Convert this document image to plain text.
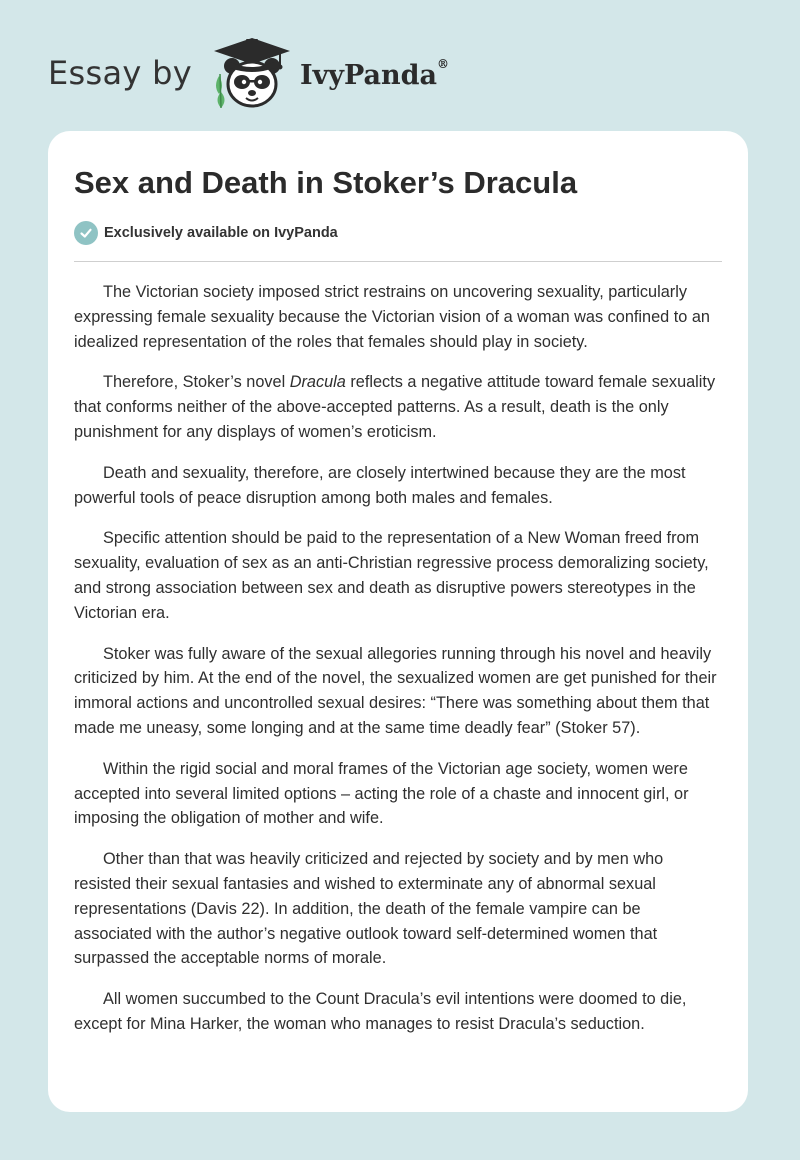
Essay by	IvyPanda®
Sex and Death in Stoker’s Dracula
Exclusively available on IvyPanda

The Victorian society imposed strict restrains on uncovering sexuality, particularly expressing female sexuality because the Victorian vision of a woman was confined to an idealized representation of the roles that females should play in society.

Therefore, Stoker’s novel Dracula reflects a negative attitude toward female sexuality that conforms neither of the above-accepted patterns. As a result, death is the only punishment for any displays of women’s eroticism.

Death and sexuality, therefore, are closely intertwined because they are the most powerful tools of peace disruption among both males and females.

Specific attention should be paid to the representation of a New Woman freed from sexuality, evaluation of sex as an anti-Christian regressive process demoralizing society, and strong association between sex and death as disruptive powers stereotypes in the Victorian era.

Stoker was fully aware of the sexual allegories running through his novel and heavily criticized by him. At the end of the novel, the sexualized women are get punished for their immoral actions and uncontrolled sexual desires: “There was something about them that made me uneasy, some longing and at the same time deadly fear” (Stoker 57).

Within the rigid social and moral frames of the Victorian age society, women were accepted into several limited options – acting the role of a chaste and innocent girl, or imposing the obligation of mother and wife.

Other than that was heavily criticized and rejected by society and by men who resisted their sexual fantasies and wished to exterminate any of abnormal sexual representations (Davis 22). In addition, the death of the female vampire can be associated with the author’s negative outlook toward self-determined women that surpassed the acceptable norms of morale.

All women succumbed to the Count Dracula’s evil intentions were doomed to die, except for Mina Harker, the woman who manages to resist Dracula’s seduction.
